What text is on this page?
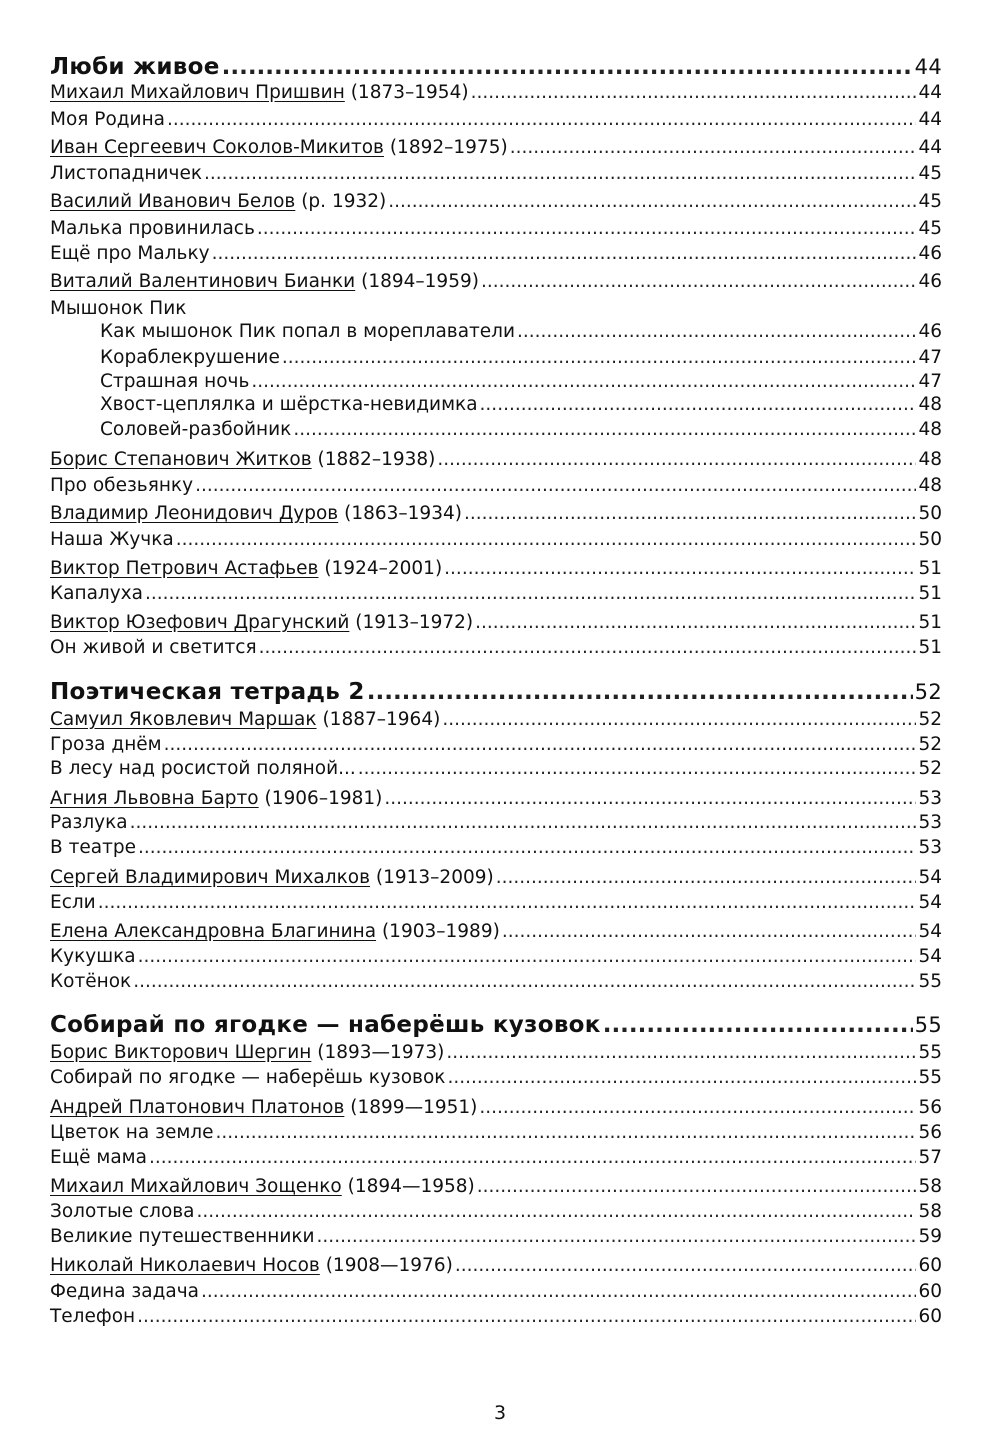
Люби живое .....	44
Михаил Михайлович Пришвин (1873–1954) .....	44
Моя Родина .....	44
Иван Сергеевич Соколов-Микитов (1892–1975) .....	44
Листопадничек .....	45
Василий Иванович Белов (р. 1932) .....	45
Малька провинилась .....	45
Ещё про Мальку .....	46
Виталий Валентинович Бианки (1894–1959) .....	46
Мышонок Пик
Как мышонок Пик попал в мореплаватели .....	46
Кораблекрушение .....	47
Страшная ночь .....	47
Хвост-цеплялка и шёрстка-невидимка .....	48
Соловей-разбойник .....	48
Борис Степанович Житков (1882–1938) .....	48
Про обезьянку .....	48
Владимир Леонидович Дуров (1863–1934) .....	50
Наша Жучка .....	50
Виктор Петрович Астафьев (1924–2001) .....	51
Капалуха .....	51
Виктор Юзефович Драгунский (1913–1972) .....	51
Он живой и светится .....	51
Поэтическая тетрадь 2 .....	52
Самуил Яковлевич Маршак (1887–1964) .....	52
Гроза днём .....	52
В лесу над росистой поляной... .....	52
Агния Львовна Барто (1906–1981) .....	53
Разлука .....	53
В театре .....	53
Сергей Владимирович Михалков (1913–2009) .....	54
Если .....	54
Елена Александровна Благинина (1903–1989) .....	54
Кукушка .....	54
Котёнок .....	55
Собирай по ягодке — наберёшь кузовок .....	55
Борис Викторович Шергин (1893—1973) .....	55
Собирай по ягодке — наберёшь кузовок .....	55
Андрей Платонович Платонов (1899—1951) .....	56
Цветок на земле .....	56
Ещё мама .....	57
Михаил Михайлович Зощенко (1894—1958) .....	58
Золотые слова .....	58
Великие путешественники .....	59
Николай Николаевич Носов (1908—1976) .....	60
Федина задача .....	60
Телефон .....	60
3
